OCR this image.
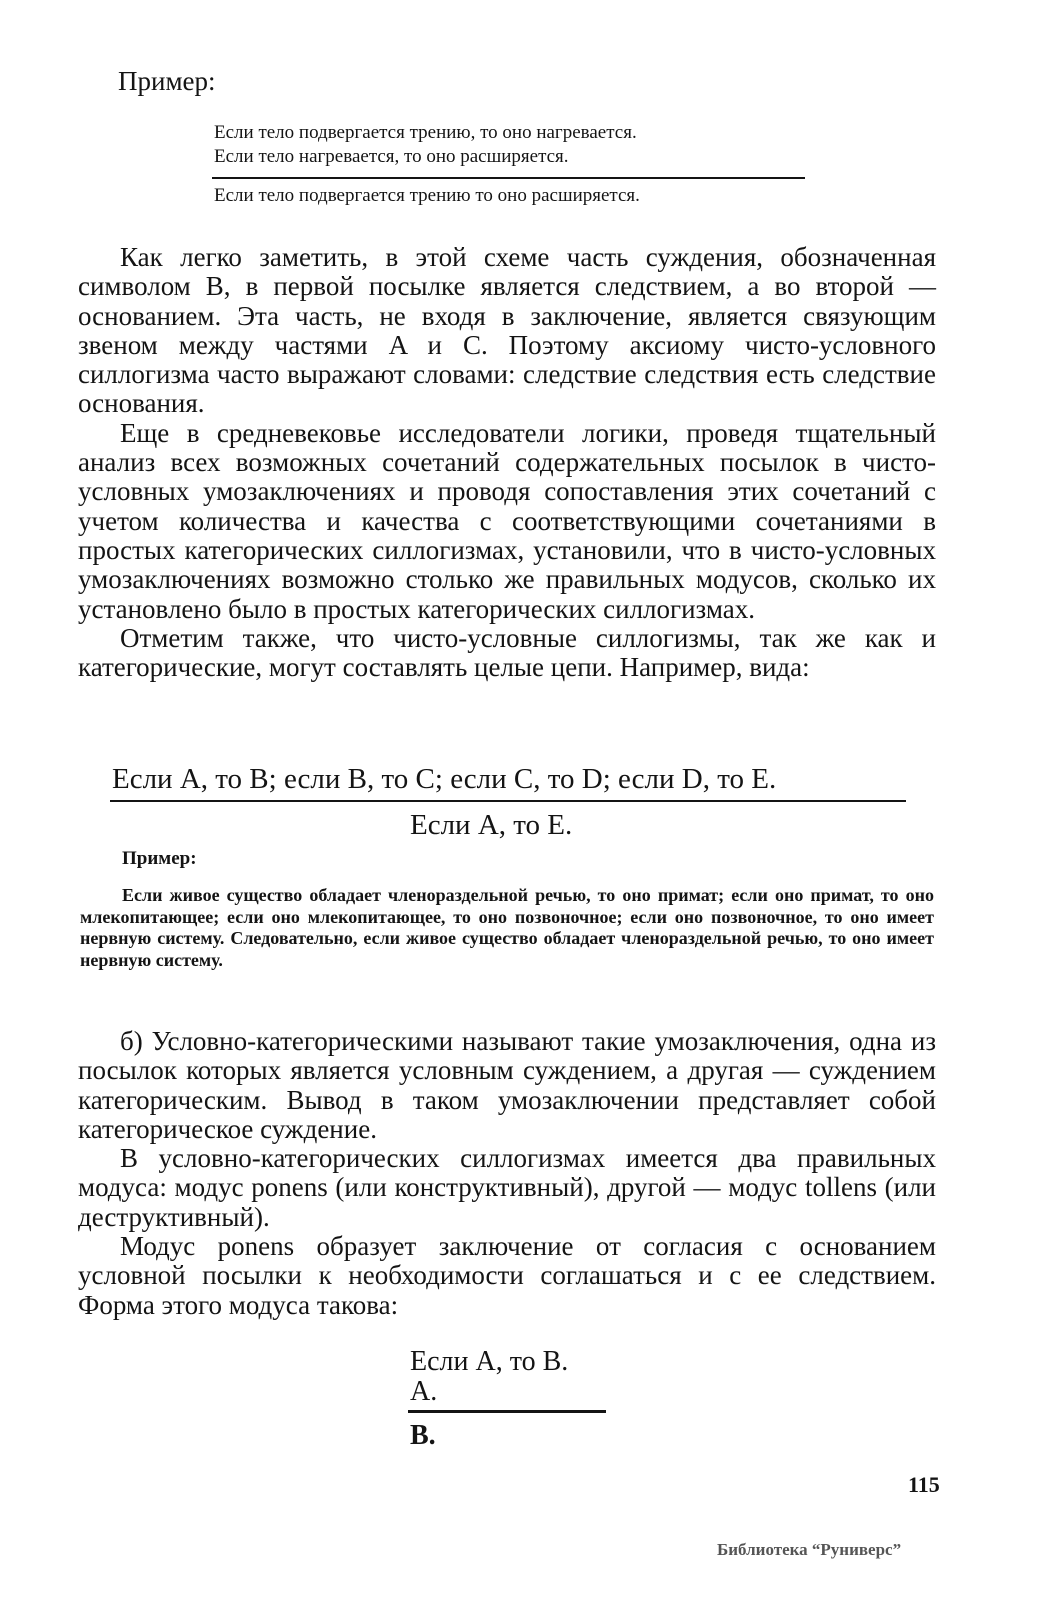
Пример:
Если тело подвергается трению, то оно нагревается.
Если тело нагревается, то оно расширяется.
Если тело подвергается трению то оно расширяется.

Как легко заметить, в этой схеме часть суждения, обозначенная символом B, в первой посылке является следствием, а во второй — основанием. Эта часть, не входя в заключение, является связующим звеном между частями A и C. Поэтому аксиому чисто-условного силлогизма часто выражают словами: следствие следствия есть следствие основания.

Еще в средневековье исследователи логики, проведя тщательный анализ всех возможных сочетаний содержательных посылок в чисто-условных умозаключениях и проводя сопоставления этих сочетаний с учетом количества и качества с соответствующими сочетаниями в простых категорических силлогизмах, установили, что в чисто-условных умозаключениях возможно столько же правильных модусов, сколько их установлено было в простых категорических силлогизмах.

Отметим также, что чисто-условные силлогизмы, так же как и категорические, могут составлять целые цепи. Например, вида:

Если A, то B; если B, то C; если C, то D; если D, то E.
Если A, то E.
Пример:

Если живое существо обладает членораздельной речью, то оно примат; если оно примат, то оно млекопитающее; если оно млекопитающее, то оно позвоночное; если оно позвоночное, то оно имеет нервную систему. Следовательно, если живое существо обладает членораздельной речью, то оно имеет нервную систему.

б) Условно-категорическими называют такие умозаключения, одна из посылок которых является условным суждением, а другая — суждением категорическим. Вывод в таком умозаключении представляет собой категорическое суждение.

В условно-категорических силлогизмах имеется два правильных модуса: модус ponens (или конструктивный), другой — модус tollens (или деструктивный).

Модус ponens образует заключение от согласия с основанием условной посылки к необходимости соглашаться и с ее следствием. Форма этого модуса такова:

Если A, то B.
A.
B.
115
Библиотека “Руниверс”
